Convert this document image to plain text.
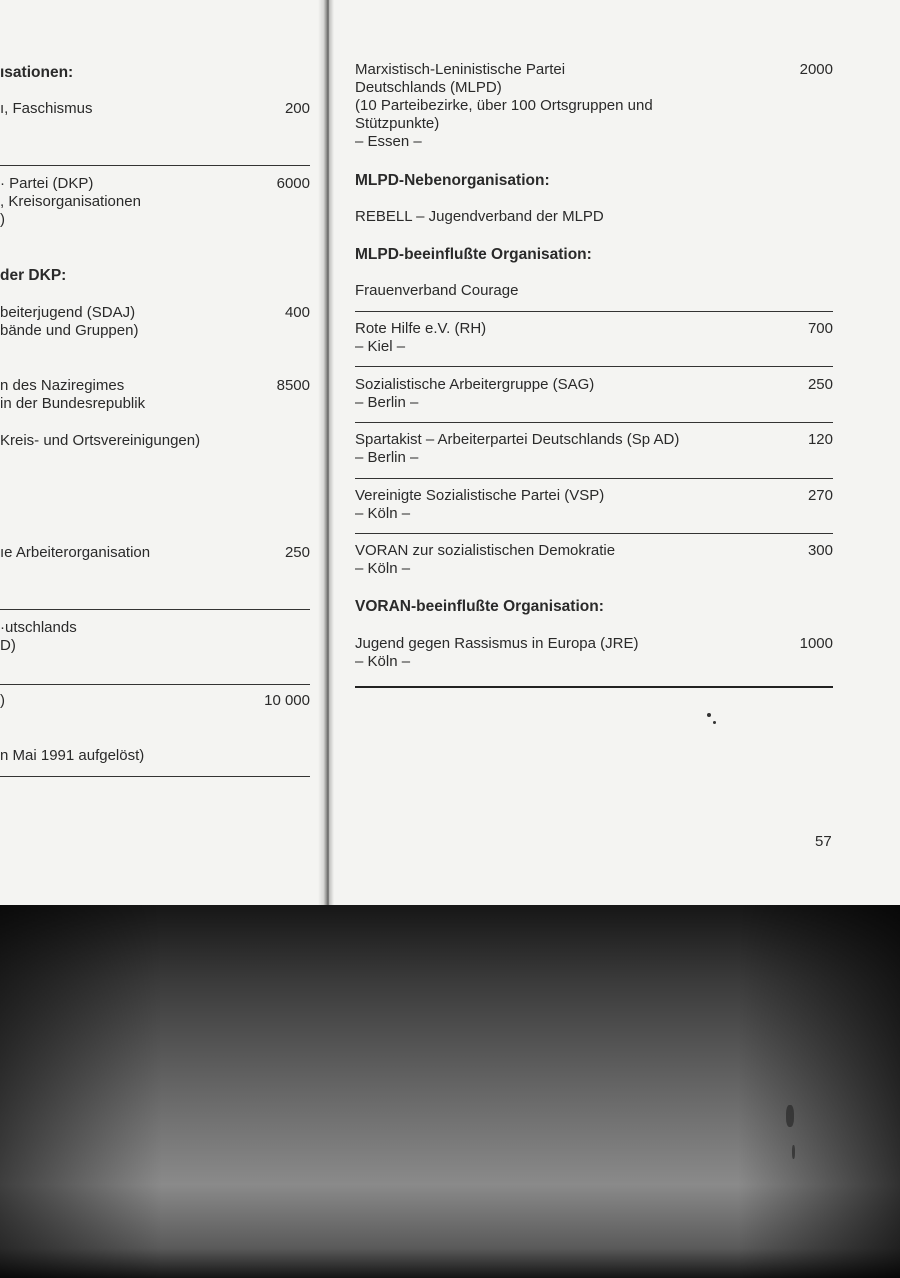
ısationen:
ı, Faschismus	200
· Partei (DKP)	6000
, Kreisorganisationen
)
der DKP:
beiterjugend (SDAJ)	400
bände und Gruppen)
n des Naziregimes	8500
in der Bundesrepublik
Kreis- und Ortsvereinigungen)
ıe Arbeiterorganisation	250
·utschlands
D)
)	10 000
n Mai 1991 aufgelöst)
Marxistisch-Leninistische Partei	2000
Deutschlands (MLPD)
(10 Parteibezirke, über 100 Ortsgruppen und
Stützpunkte)
– Essen –
MLPD-Nebenorganisation:
REBELL – Jugendverband der MLPD
MLPD-beeinflußte Organisation:
Frauenverband Courage
Rote Hilfe e.V. (RH)	700
– Kiel –
Sozialistische Arbeitergruppe (SAG)	250
– Berlin –
Spartakist – Arbeiterpartei Deutschlands (Sp AD)	120
– Berlin –
Vereinigte Sozialistische Partei (VSP)	270
– Köln –
VORAN zur sozialistischen Demokratie	300
– Köln –
VORAN-beeinflußte Organisation:
Jugend gegen Rassismus in Europa (JRE)	1000
– Köln –
57
